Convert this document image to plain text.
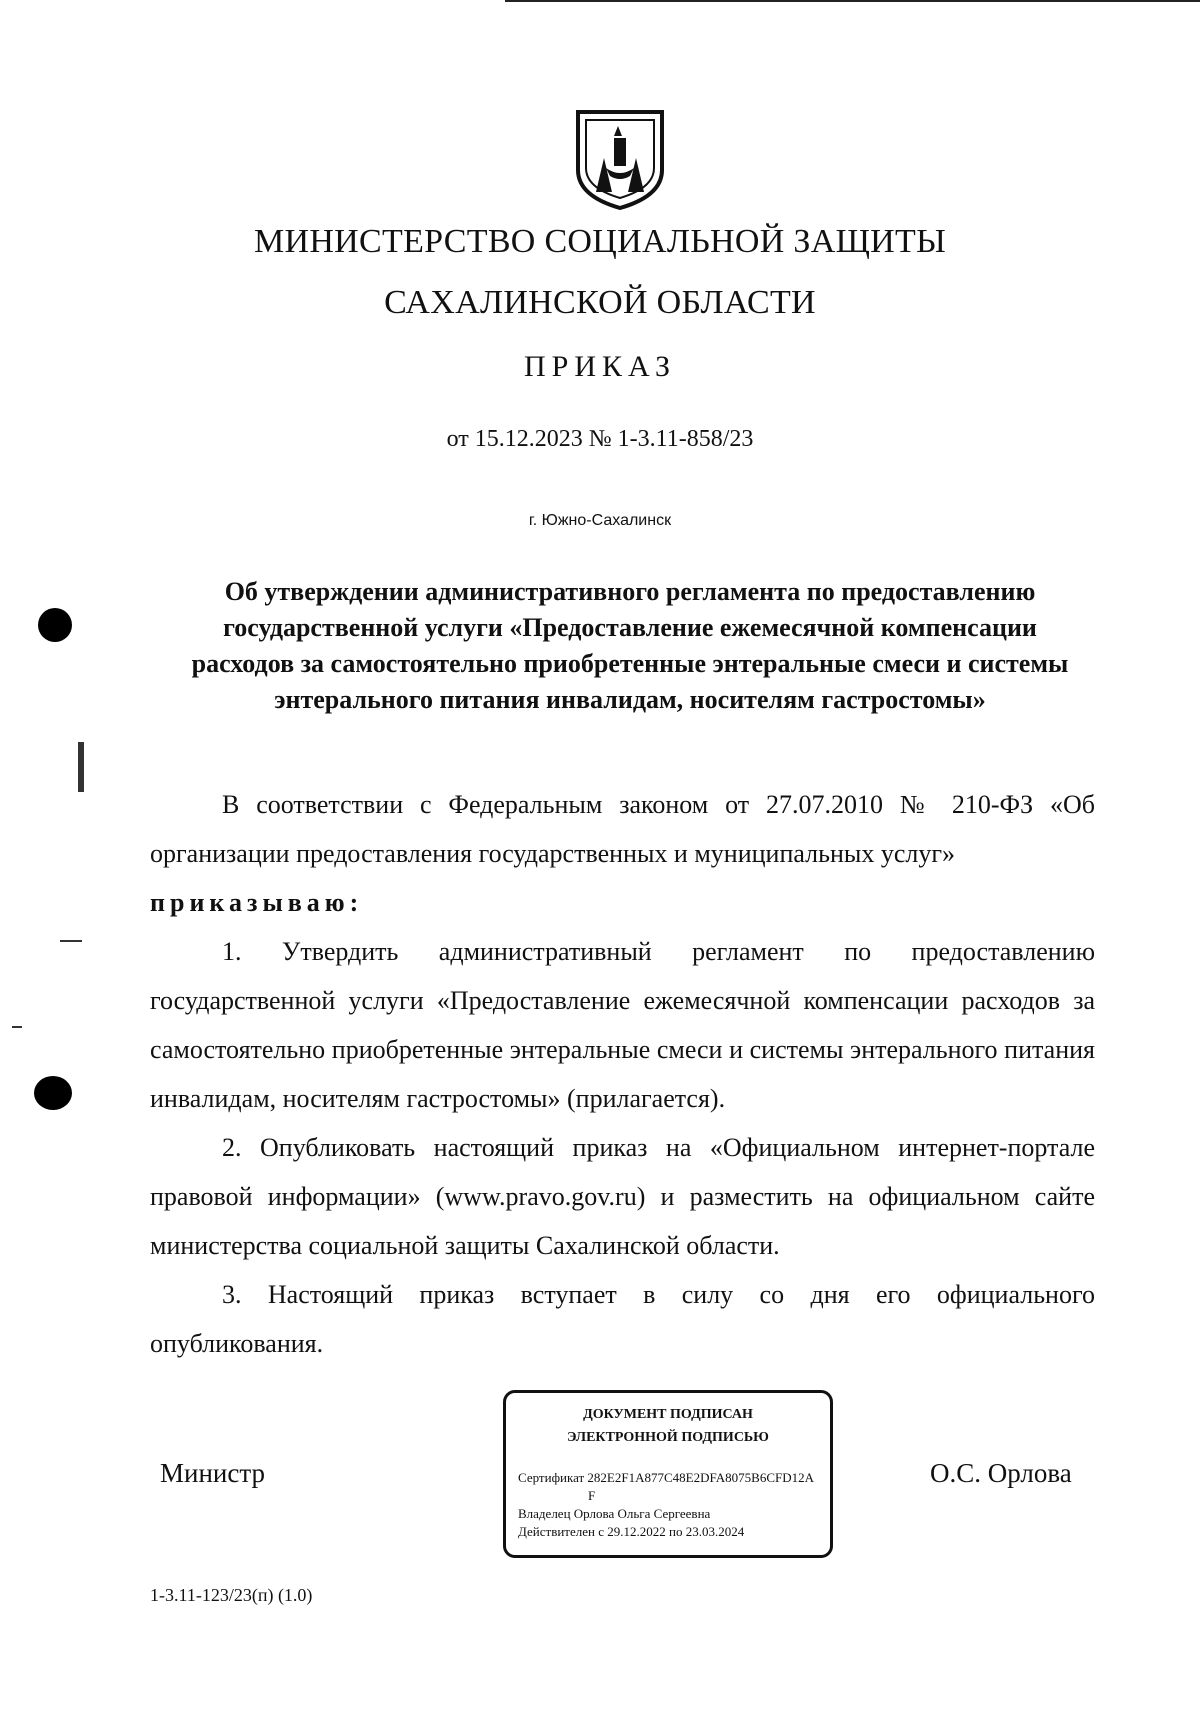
МИНИСТЕРСТВО СОЦИАЛЬНОЙ ЗАЩИТЫ
САХАЛИНСКОЙ ОБЛАСТИ
ПРИКАЗ
от 15.12.2023 № 1-3.11-858/23
г. Южно-Сахалинск
Об утверждении административного регламента по предоставлению
государственной услуги «Предоставление ежемесячной компенсации
расходов за самостоятельно приобретенные энтеральные смеси и системы
энтерального питания инвалидам, носителям гастростомы»

В соответствии с Федеральным законом от 27.07.2010 № 210-ФЗ «Об организации предоставления государственных и муниципальных услуг»

приказываю:

1. Утвердить административный регламент по предоставлению государственной услуги «Предоставление ежемесячной компенсации расходов за самостоятельно приобретенные энтеральные смеси и системы энтерального питания инвалидам, носителям гастростомы» (прилагается).

2. Опубликовать настоящий приказ на «Официальном интернет-портале правовой информации» (www.pravo.gov.ru) и разместить на официальном сайте министерства социальной защиты Сахалинской области.

3. Настоящий приказ вступает в силу со дня его официального опубликования.

Министр	О.С. Орлова
ДОКУМЕНТ ПОДПИСАН
ЭЛЕКТРОННОЙ ПОДПИСЬЮ
Сертификат 282E2F1A877C48E2DFA8075B6CFD12A
F
Владелец Орлова Ольга Сергеевна
Действителен с 29.12.2022 по 23.03.2024
1-3.11-123/23(п) (1.0)
